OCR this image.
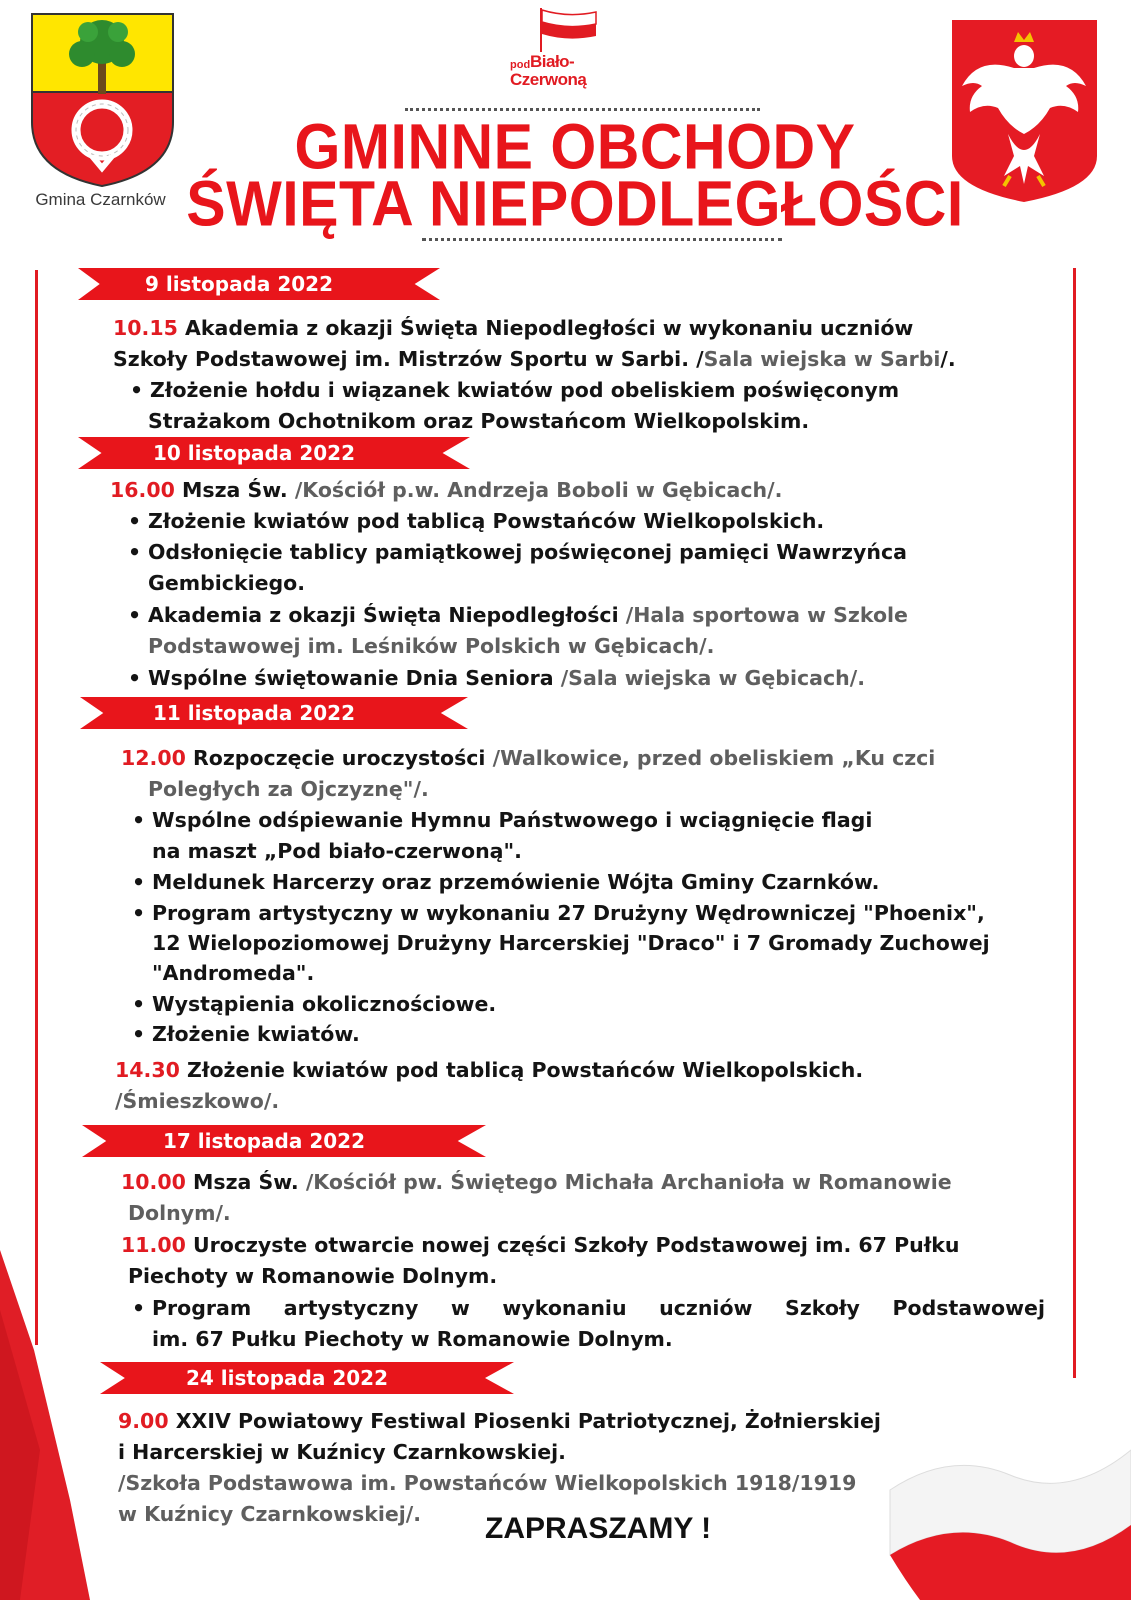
Gmina Czarnków
pod Biało-
Czerwoną
GMINNE OBCHODY
ŚWIĘTA NIEPODLEGŁOŚCI
9 listopada 2022
10.15 Akademia z okazji Święta Niepodległości w wykonaniu uczniów
Szkoły Podstawowej im. Mistrzów Sportu w Sarbi. /Sala wiejska w Sarbi/.
• Złożenie hołdu i wiązanek kwiatów pod obeliskiem poświęconym
Strażakom Ochotnikom oraz Powstańcom Wielkopolskim.
10 listopada 2022
16.00 Msza Św. /Kościół p.w. Andrzeja Boboli w Gębicach/.
• Złożenie kwiatów pod tablicą Powstańców Wielkopolskich.
• Odsłonięcie tablicy pamiątkowej poświęconej pamięci Wawrzyńca
Gembickiego.
• Akademia z okazji Święta Niepodległości /Hala sportowa w Szkole
Podstawowej im. Leśników Polskich w Gębicach/.
• Wspólne świętowanie Dnia Seniora /Sala wiejska w Gębicach/.
11 listopada 2022
12.00 Rozpoczęcie uroczystości /Walkowice, przed obeliskiem „Ku czci
Poległych za Ojczyznę"/.
• Wspólne odśpiewanie Hymnu Państwowego i wciągnięcie flagi
na maszt „Pod biało-czerwoną".
• Meldunek Harcerzy oraz przemówienie Wójta Gminy Czarnków.
• Program artystyczny w wykonaniu 27 Drużyny Wędrowniczej "Phoenix",
12 Wielopoziomowej Drużyny Harcerskiej "Draco" i 7 Gromady Zuchowej
"Andromeda".
• Wystąpienia okolicznościowe.
• Złożenie kwiatów.
14.30 Złożenie kwiatów pod tablicą Powstańców Wielkopolskich.
/Śmieszkowo/.
17 listopada 2022
10.00 Msza Św. /Kościół pw. Świętego Michała Archanioła w Romanowie
Dolnym/.
11.00 Uroczyste otwarcie nowej części Szkoły Podstawowej im. 67 Pułku
Piechoty w Romanowie Dolnym.
• Program artystyczny w wykonaniu uczniów Szkoły Podstawowej
im. 67 Pułku Piechoty w Romanowie Dolnym.
24 listopada 2022
9.00 XXIV Powiatowy Festiwal Piosenki Patriotycznej, Żołnierskiej
i Harcerskiej w Kuźnicy Czarnkowskiej.
/Szkoła Podstawowa im. Powstańców Wielkopolskich 1918/1919
w Kuźnicy Czarnkowskiej/. ZAPRASZAMY !
